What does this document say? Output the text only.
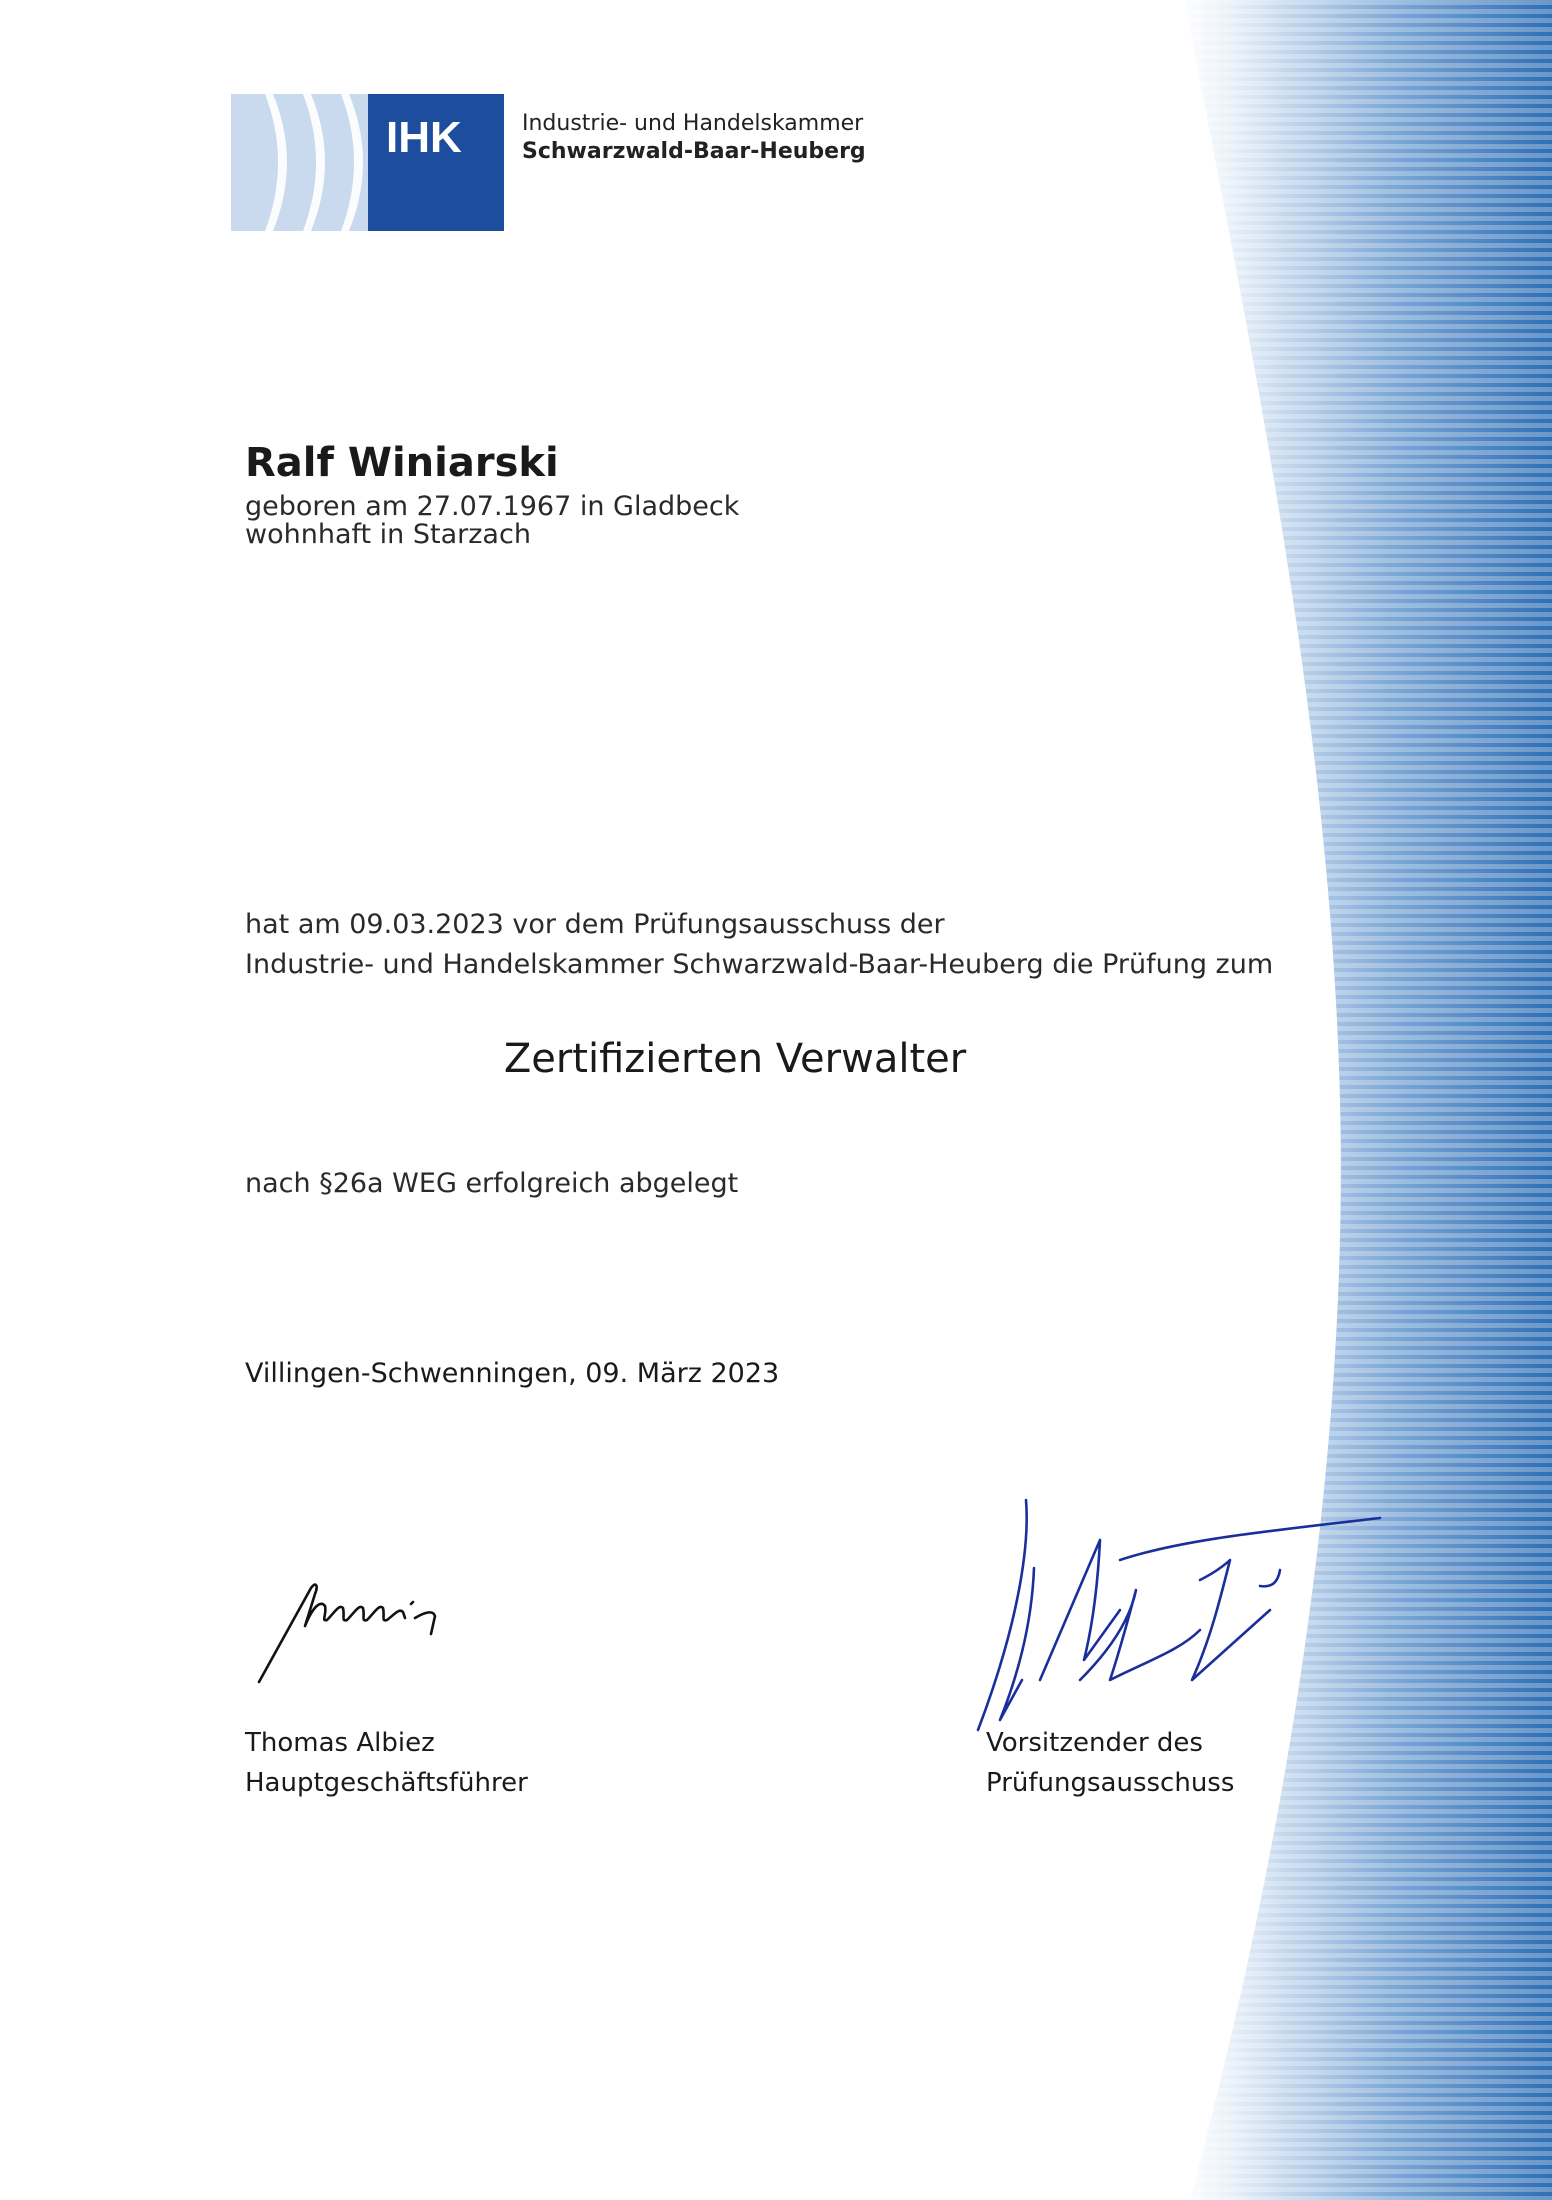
IHK	Industrie- und Handelskammer
Schwarzwald-Baar-Heuberg
Ralf Winiarski
geboren am 27.07.1967 in Gladbeck
wohnhaft in Starzach
hat am 09.03.2023 vor dem Prüfungsausschuss der
Industrie- und Handelskammer Schwarzwald-Baar-Heuberg die Prüfung zum
Zertifizierten Verwalter
nach §26a WEG erfolgreich abgelegt
Villingen-Schwenningen, 09. März 2023
Thomas Albiez
Hauptgeschäftsführer
Vorsitzender des
Prüfungsausschuss
